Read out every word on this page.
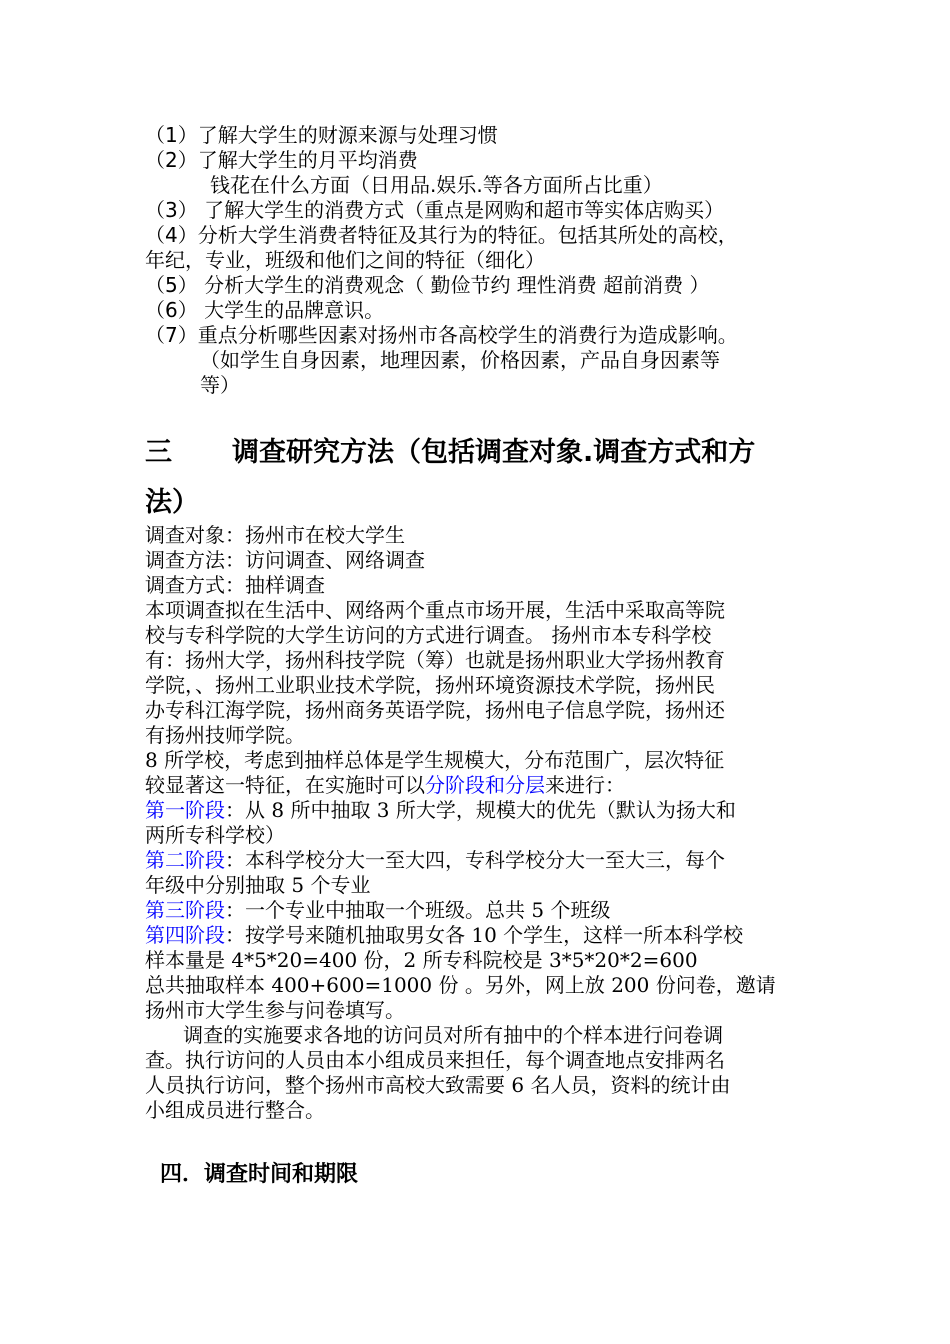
（1）了解大学生的财源来源与处理习惯
（2）了解大学生的月平均消费
钱花在什么方面（日用品.娱乐.等各方面所占比重）
（3） 了解大学生的消费方式（重点是网购和超市等实体店购买）
（4）分析大学生消费者特征及其行为的特征。包括其所处的高校，
年纪，专业，班级和他们之间的特征（细化）
（5） 分析大学生的消费观念（ 勤俭节约 理性消费 超前消费 ）
（6） 大学生的品牌意识。
（7）重点分析哪些因素对扬州市各高校学生的消费行为造成影响。
（如学生自身因素，地理因素，价格因素，产品自身因素等
等）
三 调查研究方法（包括调查对象.调查方式和方
法）
调查对象：扬州市在校大学生
调查方法：访问调查、网络调查
调查方式：抽样调查
本项调查拟在生活中、网络两个重点市场开展，生活中采取高等院
校与专科学院的大学生访问的方式进行调查。 扬州市本专科学校
有：扬州大学，扬州科技学院（筹）也就是扬州职业大学扬州教育
学院，、扬州工业职业技术学院，扬州环境资源技术学院，扬州民
办专科江海学院，扬州商务英语学院，扬州电子信息学院，扬州还
有扬州技师学院。
8 所学校，考虑到抽样总体是学生规模大，分布范围广，层次特征
较显著这一特征，在实施时可以分阶段和分层来进行：
第一阶段：从 8 所中抽取 3 所大学，规模大的优先（默认为扬大和
两所专科学校）
第二阶段：本科学校分大一至大四，专科学校分大一至大三，每个
年级中分别抽取 5 个专业
第三阶段：一个专业中抽取一个班级。总共 5 个班级
第四阶段：按学号来随机抽取男女各 10 个学生，这样一所本科学校
样本量是 4*5*20=400 份，2 所专科院校是 3*5*20*2=600
总共抽取样本 400+600=1000 份 。另外，网上放 200 份问卷，邀请
扬州市大学生参与问卷填写。
调查的实施要求各地的访问员对所有抽中的个样本进行问卷调
查。执行访问的人员由本小组成员来担任，每个调查地点安排两名
人员执行访问，整个扬州市高校大致需要 6 名人员，资料的统计由
小组成员进行整合。
四．调查时间和期限
